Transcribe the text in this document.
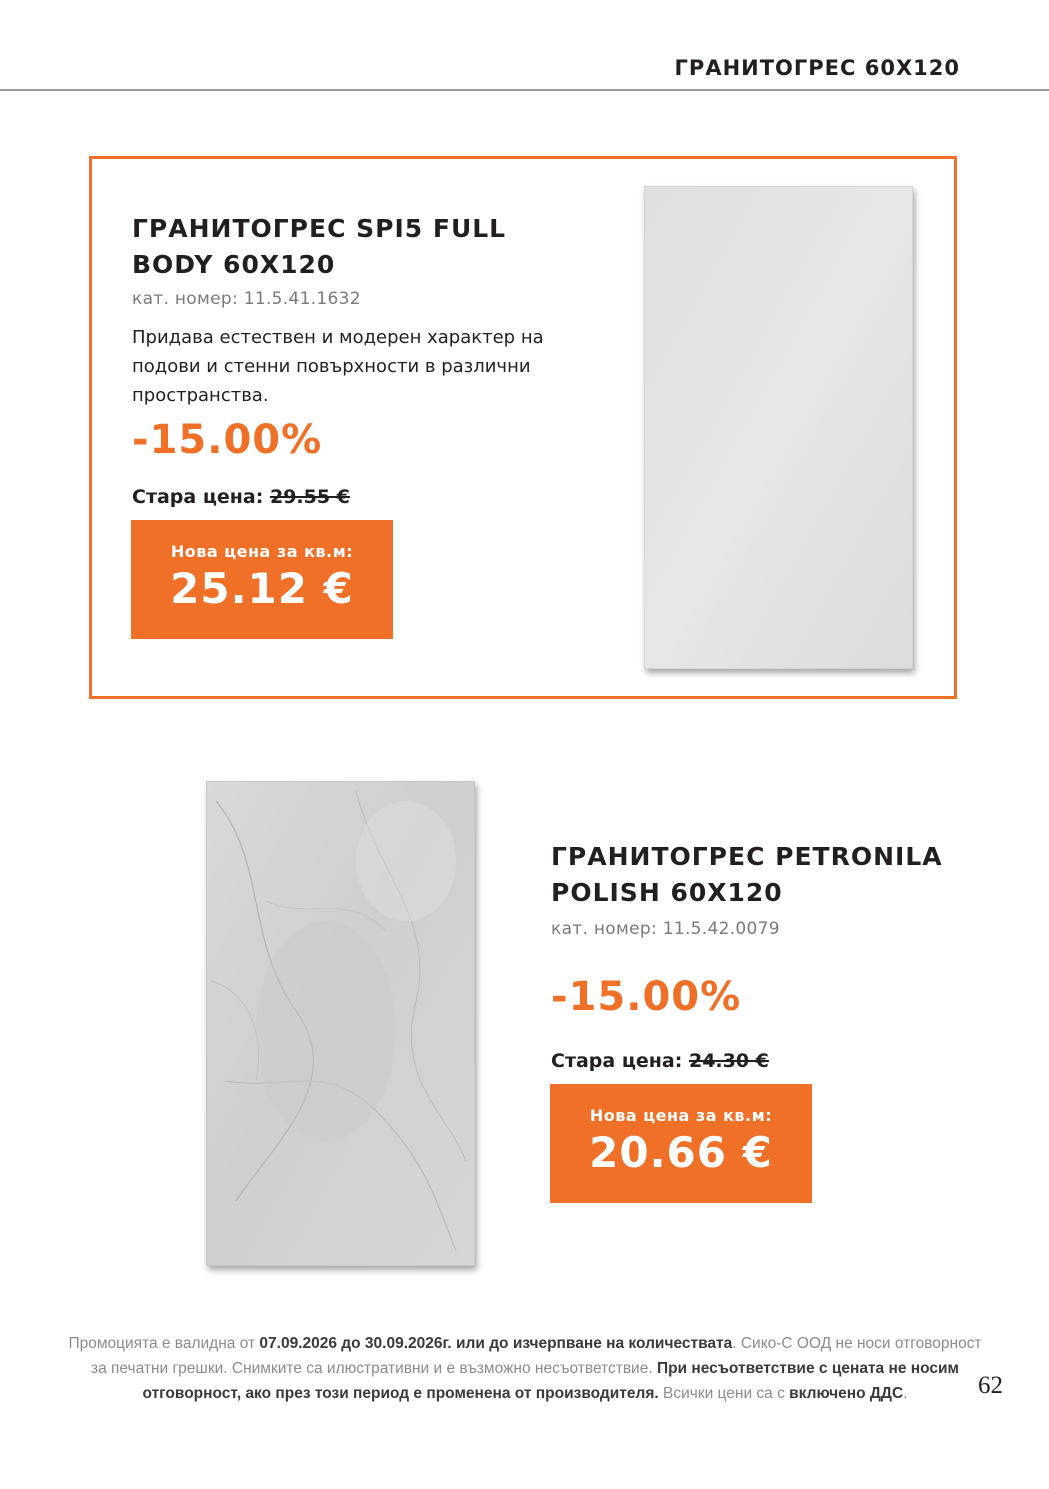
ГРАНИТОГРЕС 60Х120
ГРАНИТОГРЕС SPI5 FULL
BODY 60X120
кат. номер: 11.5.41.1632
Придава естествен и модерен характер на
подови и стенни повърхности в различни
пространства.
-15.00%
Стара цена: 29.55 €
Нова цена за кв.м:
25.12 €
ГРАНИТОГРЕС PETRONILA
POLISH 60X120
кат. номер: 11.5.42.0079
-15.00%
Стара цена: 24.30 €
Нова цена за кв.м:
20.66 €
Промоцията е валидна от 07.09.2026 до 30.09.2026г. или до изчерпване на количествата. Сико-С ООД не носи отговорност
за печатни грешки. Снимките са илюстративни и е възможно несъответствие. При несъответствие с цената не носим
отговорност, ако през този период е променена от производителя. Всички цени са с включено ДДС.	62
